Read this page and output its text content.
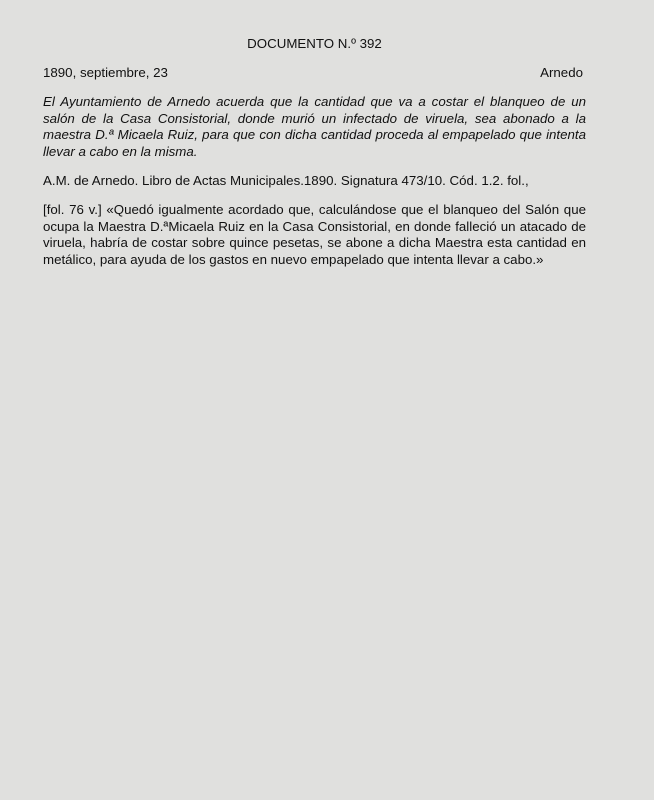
DOCUMENTO N.º 392
1890, septiembre, 23	Arnedo

El Ayuntamiento de Arnedo acuerda que la cantidad que va a costar el blanqueo de un salón de la Casa Consistorial, donde murió un infectado de viruela, sea abonado a la maestra D.ª Micaela Ruiz, para que con dicha cantidad proceda al empapelado que intenta llevar a cabo en la misma.

A.M. de Arnedo. Libro de Actas Municipales.1890. Signatura 473/10. Cód. 1.2. fol.,

[fol. 76 v.] «Quedó igualmente acordado que, calculándose que el blanqueo del Salón que ocupa la Maestra D.ªMicaela Ruiz en la Casa Consistorial, en donde falleció un atacado de viruela, habría de costar sobre quince pesetas, se abone a dicha Maestra esta cantidad en metálico, para ayuda de los gastos en nuevo empapelado que intenta llevar a cabo.»
